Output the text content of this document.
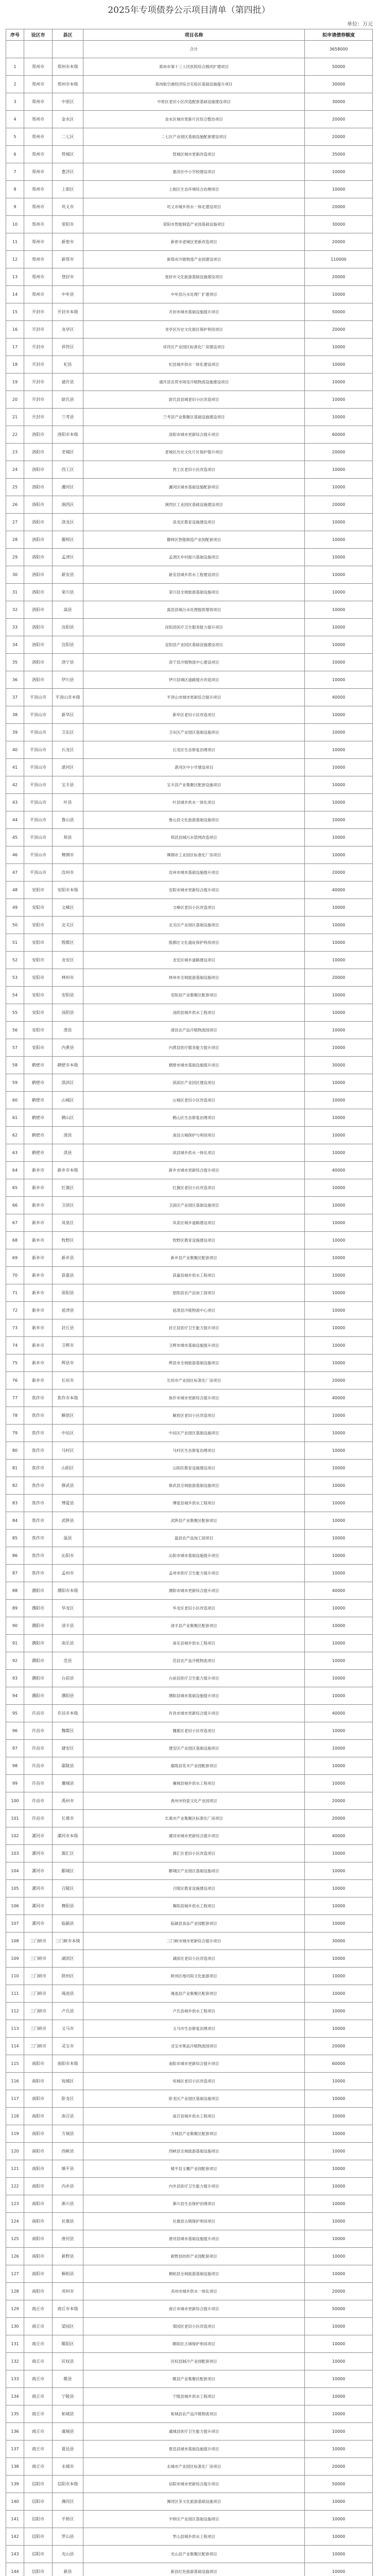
2025年专项债券公示项目清单（第四批）
单位：万元
序号	设区市	县区	项目名称	拟申请债券额度
			合计	3658000
1	郑州市	郑州市本级	郑州市第十三人民医院综合楼改扩建项目	50000
2	郑州市	郑州市本级	郑州航空港经济综合实验区基础设施提升项目	30000
3	郑州市	中原区	中原区老旧小区改造配套基础设施建设项目	30000
4	郑州市	金水区	金水区城市更新片区综合整治项目	20000
5	郑州市	二七区	二七区产业园区基础设施配套建设项目	20000
6	郑州市	管城区	管城区城市更新改造项目	35000
7	郑州市	惠济区	惠济区中小学校建设项目	10000
8	郑州市	上街区	上街区生态环境综合治理项目	10000
9	郑州市	巩义市	巩义市城乡供水一体化建设项目	20000
10	郑州市	荥阳市	荥阳市智能制造产业园基础设施项目	30000
11	郑州市	新密市	新密市老城区更新改造项目	20000
12	郑州市	新郑市	新郑市冷链物流产业园建设项目	110000
13	郑州市	登封市	登封市文化旅游基础设施建设项目	20000
14	郑州市	中牟县	中牟县污水处理厂扩建项目	10000
15	开封市	开封市本级	开封市城市基础设施提升项目	50000
16	开封市	龙亭区	龙亭区历史文化街区保护利用项目	20000
17	开封市	祥符区	祥符区产业园区标准化厂房建设项目	10000
18	开封市	杞县	杞县城乡供水一体化建设项目	10000
19	开封市	通许县	通许县农贸市场及冷链物流设施建设项目	10000
20	开封市	尉氏县	尉氏县县城老旧小区改造项目	10000
21	开封市	兰考县	兰考县产业集聚区基础设施建设项目	10000
22	洛阳市	洛阳市本级	洛阳市城市更新综合提升项目	60000
23	洛阳市	老城区	老城区历史文化片区保护提升项目	20000
24	洛阳市	西工区	西工区老旧小区改造项目	10000
25	洛阳市	瀍河区	瀍河区城市基础设施配套项目	10000
26	洛阳市	涧西区	涧西区工业园区基础设施建设项目	20000
27	洛阳市	洛龙区	洛龙区教育设施建设项目	10000
28	洛阳市	偃师区	偃师区智能制造产业园配套项目	10000
29	洛阳市	孟津区	孟津区乡村振兴基础设施项目	10000
30	洛阳市	新安县	新安县城乡供水工程建设项目	10000
31	洛阳市	栾川县	栾川县全域旅游基础设施项目	10000
32	洛阳市	嵩县	嵩县县城污水处理提质增效项目	10000
33	洛阳市	汝阳县	汝阳县医疗卫生服务能力提升项目	10000
34	洛阳市	宜阳县	宜阳县产业园区基础设施建设项目	10000
35	洛阳市	洛宁县	洛宁县冷链物流中心建设项目	10000
36	洛阳市	伊川县	伊川县城区道路提升改造项目	10000
37	平顶山市	平顶山市本级	平顶山市城市更新综合提升项目	40000
38	平顶山市	新华区	新华区老旧小区改造项目	10000
39	平顶山市	卫东区	卫东区产业园区基础设施项目	10000
40	平顶山市	石龙区	石龙区生态修复治理项目	10000
41	平顶山市	湛河区	湛河区中小学建设项目	10000
42	平顶山市	宝丰县	宝丰县产业集聚区配套设施项目	10000
43	平顶山市	叶县	叶县城乡供水一体化项目	10000
44	平顶山市	鲁山县	鲁山县文化旅游基础设施项目	10000
45	平顶山市	郏县	郏县县城污水管网改造项目	10000
46	平顶山市	舞钢市	舞钢市工业园区标准化厂房项目	10000
47	平顶山市	汝州市	汝州市城市基础设施提升项目	20000
48	安阳市	安阳市本级	安阳市城市更新综合提升项目	40000
49	安阳市	文峰区	文峰区老旧小区改造项目	10000
50	安阳市	北关区	北关区产业园区基础设施项目	10000
51	安阳市	殷都区	殷都区文化遗址保护利用项目	10000
52	安阳市	龙安区	龙安区城乡道路建设项目	10000
53	安阳市	林州市	林州市全域旅游基础设施项目	20000
54	安阳市	安阳县	安阳县产业集聚区配套项目	10000
55	安阳市	汤阴县	汤阴县城乡供水工程项目	10000
56	安阳市	滑县	滑县农产品冷链物流园项目	10000
57	安阳市	内黄县	内黄县医疗服务能力提升项目	10000
58	鹤壁市	鹤壁市本级	鹤壁市城市基础设施提升项目	30000
59	鹤壁市	淇滨区	淇滨区产业园区建设项目	10000
60	鹤壁市	山城区	山城区老旧小区改造项目	10000
61	鹤壁市	鹤山区	鹤山区生态修复治理项目	10000
62	鹤壁市	浚县	浚县古城保护与利用项目	10000
63	鹤壁市	淇县	淇县城乡供水一体化项目	10000
64	新乡市	新乡市本级	新乡市城市更新综合提升项目	40000
65	新乡市	红旗区	红旗区老旧小区改造项目	10000
66	新乡市	卫滨区	卫滨区产业园区基础设施项目	10000
67	新乡市	凤泉区	凤泉区城乡道路建设项目	10000
68	新乡市	牧野区	牧野区教育设施建设项目	10000
69	新乡市	新乡县	新乡县产业集聚区配套项目	10000
70	新乡市	获嘉县	获嘉县城乡供水工程项目	10000
71	新乡市	原阳县	原阳县农产品加工园项目	10000
72	新乡市	延津县	延津县冷链物流中心项目	10000
73	新乡市	封丘县	封丘县医疗卫生能力提升项目	10000
74	新乡市	卫辉市	卫辉市城市基础设施提升项目	10000
75	新乡市	辉县市	辉县市全域旅游基础设施项目	10000
76	新乡市	长垣市	长垣市产业园区标准化厂房项目	20000
77	焦作市	焦作市本级	焦作市城市更新综合提升项目	40000
78	焦作市	解放区	解放区老旧小区改造项目	10000
79	焦作市	中站区	中站区产业园区基础设施项目	10000
80	焦作市	马村区	马村区生态修复治理项目	10000
81	焦作市	山阳区	山阳区教育设施建设项目	10000
82	焦作市	修武县	修武县全域旅游基础设施项目	10000
83	焦作市	博爱县	博爱县城乡供水工程项目	10000
84	焦作市	武陟县	武陟县产业集聚区配套项目	10000
85	焦作市	温县	温县农产品加工园项目	10000
86	焦作市	沁阳市	沁阳市城市基础设施提升项目	10000
87	焦作市	孟州市	孟州市医疗卫生能力提升项目	10000
88	濮阳市	濮阳市本级	濮阳市城市更新综合提升项目	40000
89	濮阳市	华龙区	华龙区老旧小区改造项目	10000
90	濮阳市	清丰县	清丰县产业集聚区配套项目	10000
91	濮阳市	南乐县	南乐县城乡供水工程项目	10000
92	濮阳市	范县	范县农产品冷链物流项目	10000
93	濮阳市	台前县	台前县医疗卫生能力提升项目	10000
94	濮阳市	濮阳县	濮阳县城市基础设施提升项目	10000
95	许昌市	许昌市本级	许昌市城市更新综合提升项目	40000
96	许昌市	魏都区	魏都区老旧小区改造项目	10000
97	许昌市	建安区	建安区产业园区基础设施项目	10000
98	许昌市	鄢陵县	鄢陵县花木产业园配套项目	10000
99	许昌市	襄城县	襄城县城乡供水工程项目	10000
100	许昌市	禹州市	禹州市钧瓷文化产业园项目	20000
101	许昌市	长葛市	长葛市产业集聚区标准化厂房项目	20000
102	漯河市	漯河市本级	漯河市城市更新综合提升项目	40000
103	漯河市	源汇区	源汇区老旧小区改造项目	10000
104	漯河市	郾城区	郾城区产业园区基础设施项目	10000
105	漯河市	召陵区	召陵区教育设施建设项目	10000
106	漯河市	舞阳县	舞阳县城乡供水工程项目	10000
107	漯河市	临颍县	临颍县食品产业园配套项目	10000
108	三门峡市	三门峡市本级	三门峡市城市更新综合提升项目	30000
109	三门峡市	湖滨区	湖滨区老旧小区改造项目	10000
110	三门峡市	陕州区	陕州区地坑院文化旅游项目	10000
111	三门峡市	渑池县	渑池县产业集聚区配套项目	10000
112	三门峡市	卢氏县	卢氏县城乡供水工程项目	10000
113	三门峡市	义马市	义马市生态修复治理项目	10000
114	三门峡市	灵宝市	灵宝市果品冷链物流园项目	20000
115	南阳市	南阳市本级	南阳市城市更新综合提升项目	60000
116	南阳市	宛城区	宛城区老旧小区改造项目	10000
117	南阳市	卧龙区	卧龙区产业园区基础设施项目	10000
118	南阳市	南召县	南召县城乡供水工程项目	10000
119	南阳市	方城县	方城县产业集聚区配套项目	10000
120	南阳市	西峡县	西峡县全域旅游基础设施项目	10000
121	南阳市	镇平县	镇平县玉雕产业园配套项目	10000
122	南阳市	内乡县	内乡县医疗卫生能力提升项目	10000
123	南阳市	淅川县	淅川县生态保护治理项目	10000
124	南阳市	社旗县	社旗县古镇保护利用项目	10000
125	南阳市	唐河县	唐河县城市基础设施提升项目	10000
126	南阳市	新野县	新野县纺织产业园配套项目	10000
127	南阳市	桐柏县	桐柏县全域旅游基础设施项目	10000
128	南阳市	邓州市	邓州市城乡供水一体化项目	20000
129	商丘市	商丘市本级	商丘市城市更新综合提升项目	50000
130	商丘市	梁园区	梁园区老旧小区改造项目	10000
131	商丘市	睢阳区	睢阳区古城保护利用项目	10000
132	商丘市	民权县	民权县制冷产业园配套项目	10000
133	商丘市	睢县	睢县产业集聚区配套项目	10000
134	商丘市	宁陵县	宁陵县城乡供水工程项目	10000
135	商丘市	柘城县	柘城县农产品冷链物流项目	10000
136	商丘市	虞城县	虞城县医疗卫生能力提升项目	10000
137	商丘市	夏邑县	夏邑县城市基础设施提升项目	10000
138	商丘市	永城市	永城市产业园区标准化厂房项目	20000
139	信阳市	信阳市本级	信阳市城市更新综合提升项目	50000
140	信阳市	浉河区	浉河区茶文化旅游基础设施项目	10000
141	信阳市	平桥区	平桥区产业园区基础设施项目	10000
142	信阳市	罗山县	罗山县城乡供水工程项目	10000
143	信阳市	光山县	光山县产业集聚区配套项目	10000
144	信阳市	新县	新县红色旅游基础设施项目	10000
